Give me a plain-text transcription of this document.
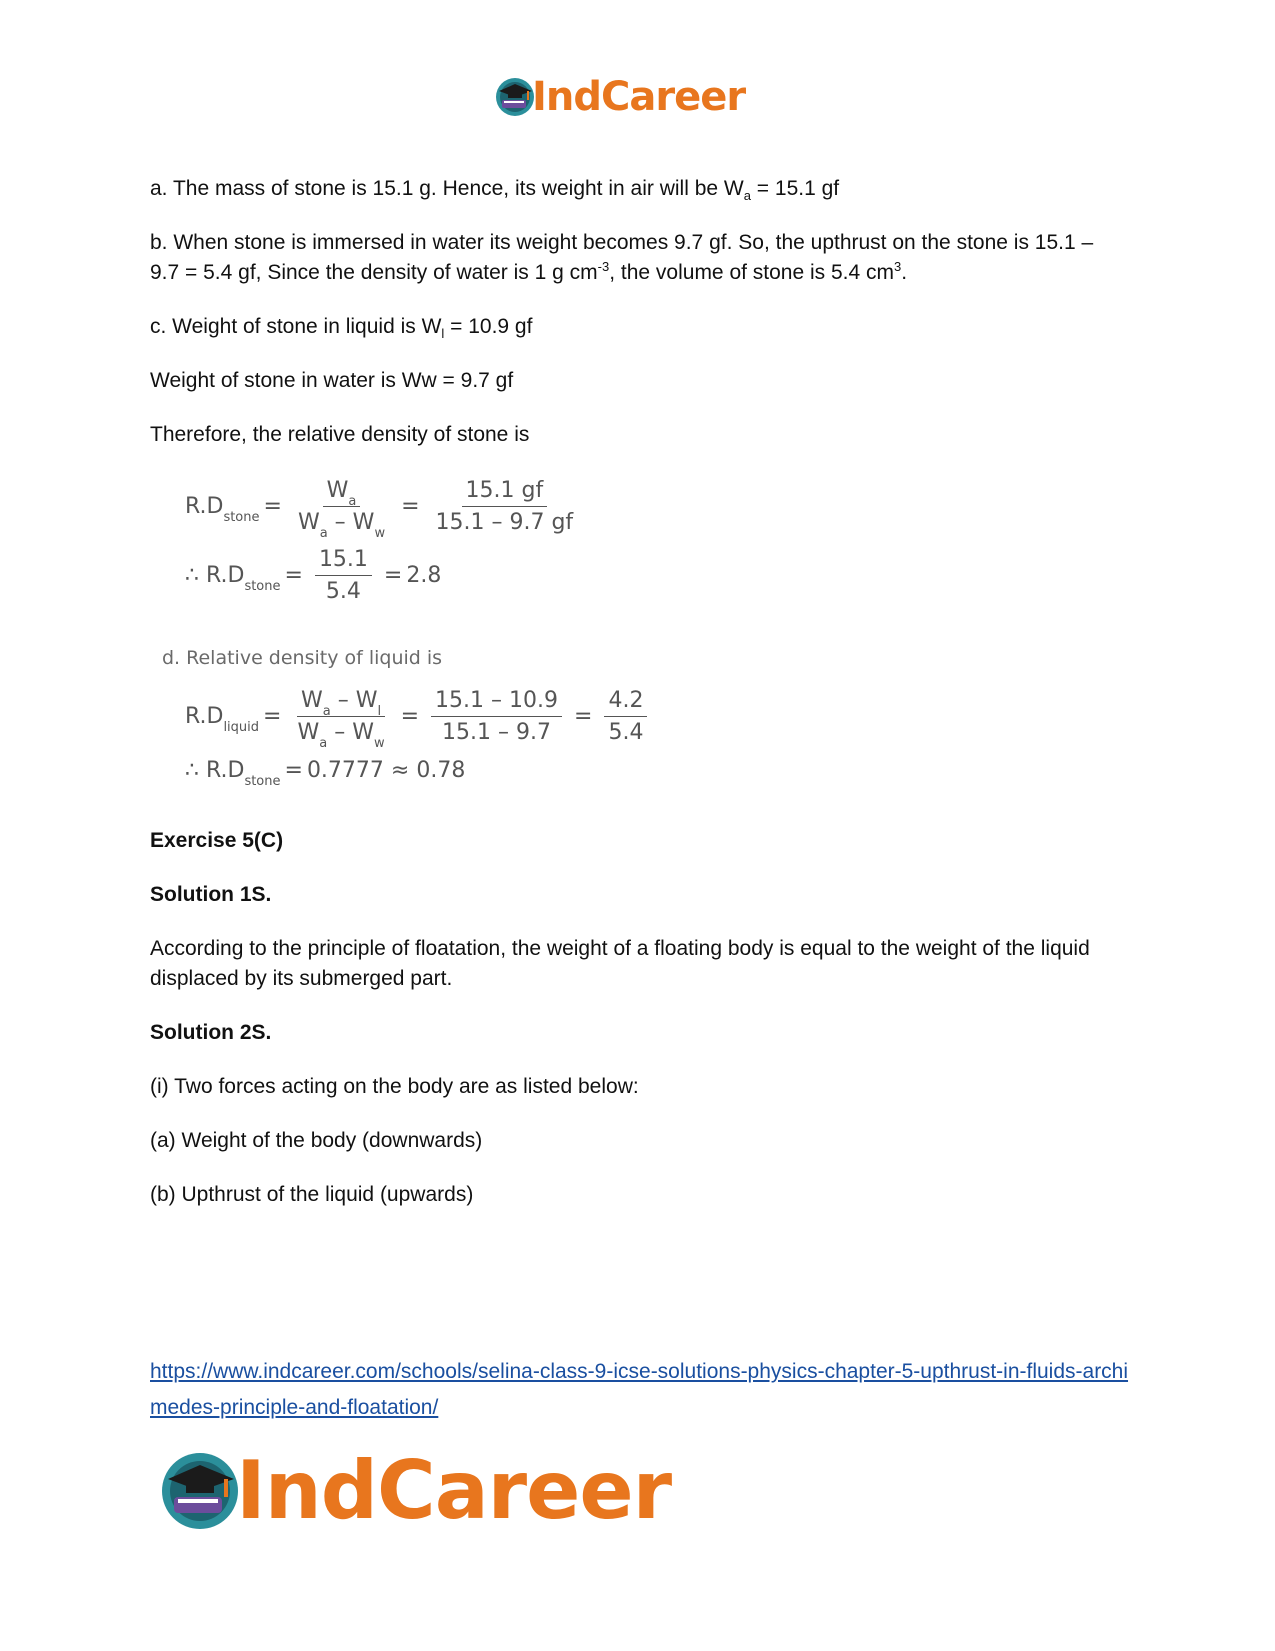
IndCareer
a. The mass of stone is 15.1 g. Hence, its weight in air will be $W_a = 15.1$ gf
b. When stone is immersed in water its weight becomes 9.7 gf. So, the upthrust on the stone is 15.1 – 9.7 = 5.4 gf, Since the density of water is 1 g $cm^{-3}$, the volume of stone is 5.4 $cm^3$.
c. Weight of stone in liquid is $W_l = 10.9$ gf
Weight of stone in water is Ww = 9.7 gf
Therefore, the relative density of stone is
$R.D_{stone} = \frac{W_a}{W_a - W_w} = \frac{15.1 gf}{15.1 - 9.7 gf}$
∴ $R.D_{stone} = \frac{15.1}{5.4} = 2.8$
d. Relative density of liquid is
$R.D_{liquid} = \frac{W_a - W_l}{W_a - W_w} = \frac{15.1 - 10.9}{15.1 - 9.7} = \frac{4.2}{5.4}$
∴ $R.D_{stone} = 0.7777 \approx 0.78$
Exercise 5(C)
Solution 1S.
According to the principle of floatation, the weight of a floating body is equal to the weight of the liquid displaced by its submerged part.
Solution 2S.
(i) Two forces acting on the body are as listed below:
(a) Weight of the body (downwards)
(b) Upthrust of the liquid (upwards)
https://www.indcareer.com/schools/selina-class-9-icse-solutions-physics-chapter-5-upthrust-in-fluids-archimedes-principle-and-floatation/
IndCareer
